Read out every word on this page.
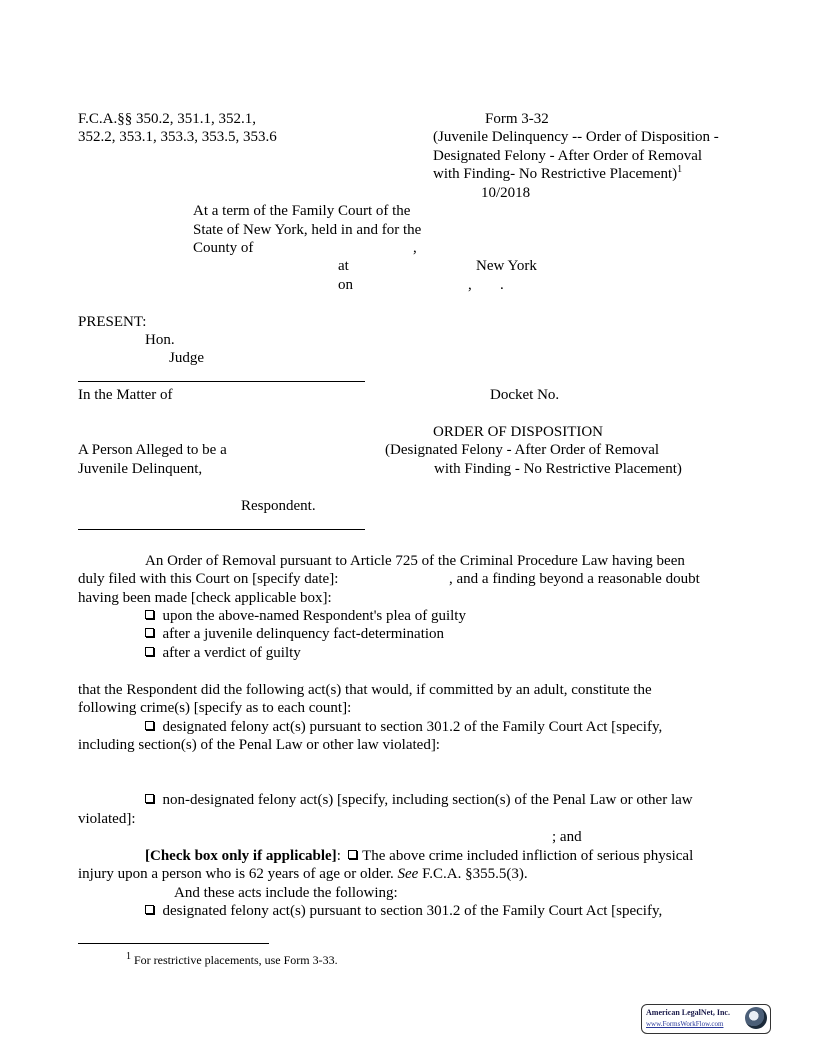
F.C.A.§§ 350.2, 351.1, 352.1,
352.2, 353.1, 353.3, 353.5, 353.6
Form 3-32
(Juvenile Delinquency -- Order of Disposition -
Designated Felony - After Order of Removal
with Finding- No Restrictive Placement)$^1$
10/2018
At a term of the Family Court of the
State of New York, held in and for the
County of	,
at	New York
on	, .
PRESENT:
Hon.
Judge
In the Matter of	Docket No.
ORDER OF DISPOSITION
(Designated Felony - After Order of Removal
with Finding - No Restrictive Placement)
A Person Alleged to be a
Juvenile Delinquent,
Respondent.
An Order of Removal pursuant to Article 725 of the Criminal Procedure Law having been
duly filed with this Court on [specify date]:	, and a finding beyond a reasonable doubt
having been made [check applicable box]:
upon the above-named Respondent's plea of guilty
after a juvenile delinquency fact-determination
after a verdict of guilty
that the Respondent did the following act(s) that would, if committed by an adult, constitute the
following crime(s) [specify as to each count]:
designated felony act(s) pursuant to section 301.2 of the Family Court Act [specify,
including section(s) of the Penal Law or other law violated]:
non-designated felony act(s) [specify, including section(s) of the Penal Law or other law
violated]:
; and
[Check box only if applicable]: The above crime included infliction of serious physical
injury upon a person who is 62 years of age or older. See F.C.A. §355.5(3).
And these acts include the following:
designated felony act(s) pursuant to section 301.2 of the Family Court Act [specify,
$^1$ For restrictive placements, use Form 3-33.
American LegalNet, Inc.
www.FormsWorkFlow.com
